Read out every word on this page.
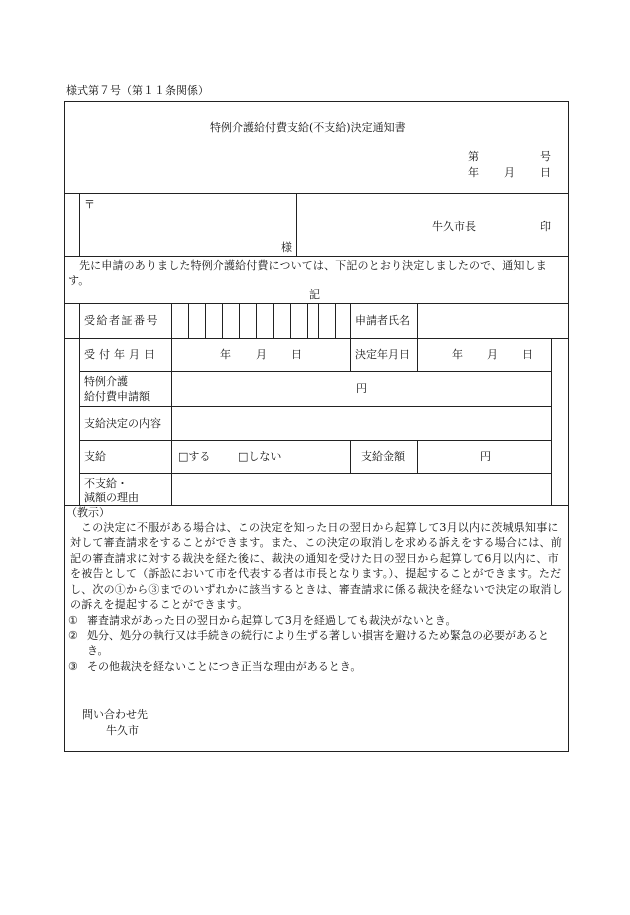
様式第７号（第１１条関係）
特例介護給付費支給(不支給)決定通知書
第	号
年 月 日
〒
様
牛久市長	印
先に申請のありました特例介護給付費については、下記のとおり決定しましたので、通知します。
記
受給者証番号	申請者氏名
受付年月日	年 月 日	決定年月日	年 月 日
特例介護
給付費申請額
円
支給決定の内容
支給	□する	□しない	支給金額	円
不支給・
減額の理由
（教示）
この決定に不服がある場合は、この決定を知った日の翌日から起算して3月以内に茨城県知事に対して審査請求をすることができます。また、この決定の取消しを求める訴えをする場合には、前記の審査請求に対する裁決を経た後に、裁決の通知を受けた日の翌日から起算して6月以内に、市を被告として（訴訟において市を代表する者は市長となります。）、提起することができます。ただし、次の①から③までのいずれかに該当するときは、審査請求に係る裁決を経ないで決定の取消しの訴えを提起することができます。
① 審査請求があった日の翌日から起算して3月を経過しても裁決がないとき。
② 処分、処分の執行又は手続きの続行により生ずる著しい損害を避けるため緊急の必要があるとき。
③ その他裁決を経ないことにつき正当な理由があるとき。
問い合わせ先
牛久市
